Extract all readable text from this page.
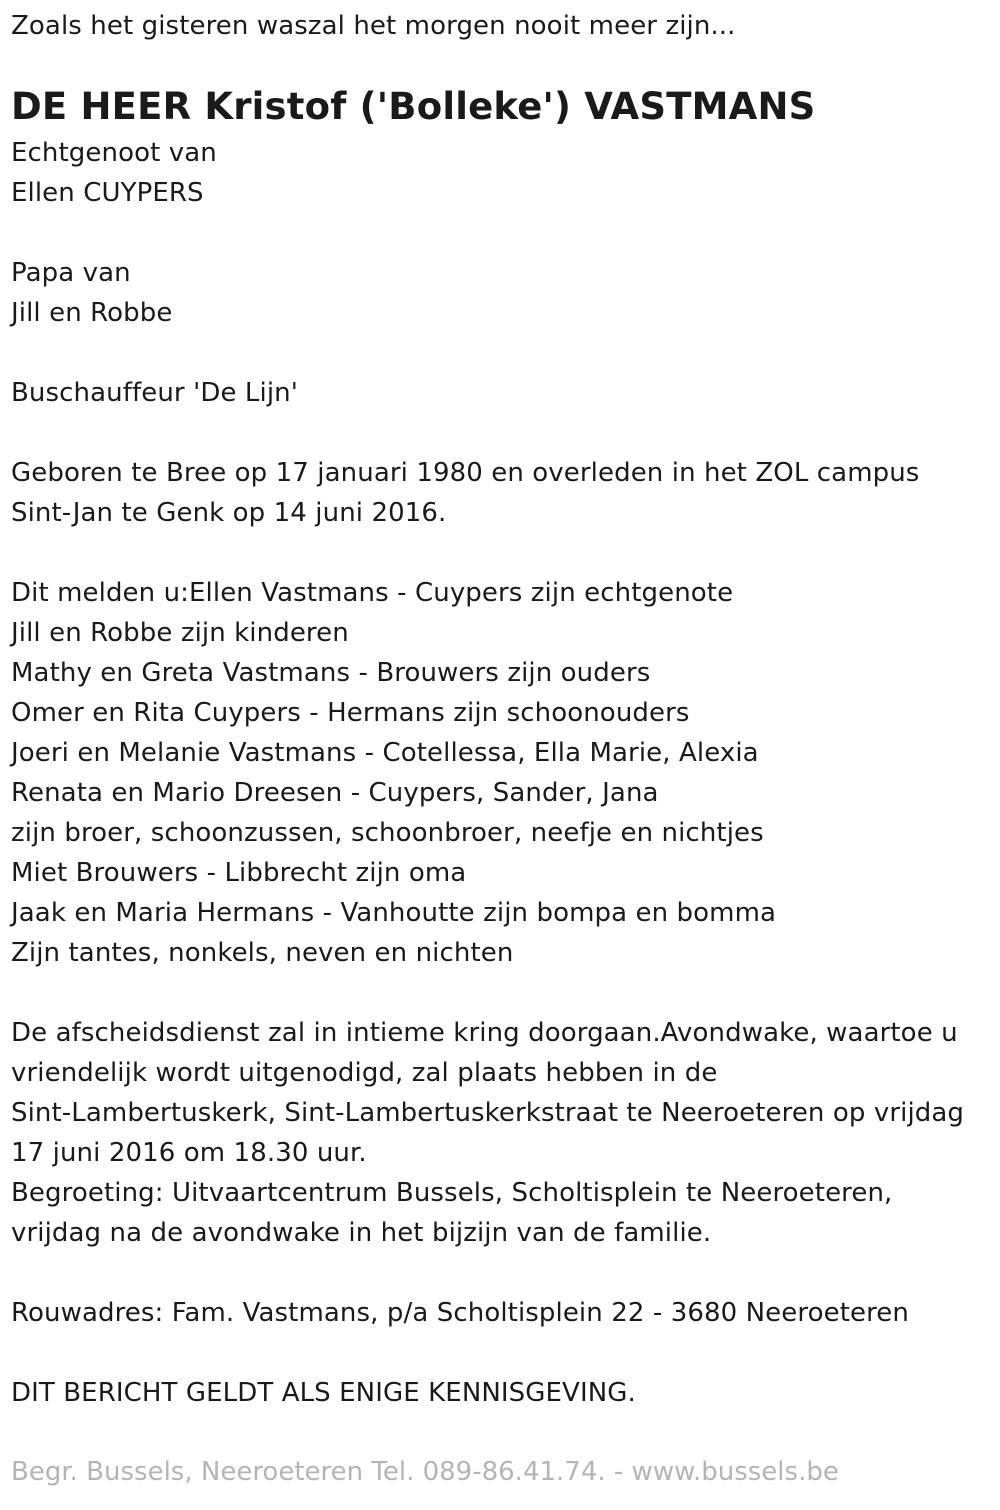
Zoals het gisteren waszal het morgen nooit meer zijn...
DE HEER Kristof ('Bolleke') VASTMANS
Echtgenoot van
Ellen CUYPERS
Papa van
Jill en Robbe
Buschauffeur 'De Lijn'
Geboren te Bree op 17 januari 1980 en overleden in het ZOL campus
Sint-Jan te Genk op 14 juni 2016.
Dit melden u:Ellen Vastmans - Cuypers zijn echtgenote
Jill en Robbe zijn kinderen
Mathy en Greta Vastmans - Brouwers zijn ouders
Omer en Rita Cuypers - Hermans zijn schoonouders
Joeri en Melanie Vastmans - Cotellessa, Ella Marie, Alexia
Renata en Mario Dreesen - Cuypers, Sander, Jana
zijn broer, schoonzussen, schoonbroer, neefje en nichtjes
Miet Brouwers - Libbrecht zijn oma
Jaak en Maria Hermans - Vanhoutte zijn bompa en bomma
Zijn tantes, nonkels, neven en nichten
De afscheidsdienst zal in intieme kring doorgaan.Avondwake, waartoe u
vriendelijk wordt uitgenodigd, zal plaats hebben in de
Sint-Lambertuskerk, Sint-Lambertuskerkstraat te Neeroeteren op vrijdag
17 juni 2016 om 18.30 uur.
Begroeting: Uitvaartcentrum Bussels, Scholtisplein te Neeroeteren,
vrijdag na de avondwake in het bijzijn van de familie.
Rouwadres: Fam. Vastmans, p/a Scholtisplein 22 - 3680 Neeroeteren
DIT BERICHT GELDT ALS ENIGE KENNISGEVING.
Begr. Bussels, Neeroeteren Tel. 089-86.41.74. - www.bussels.be
